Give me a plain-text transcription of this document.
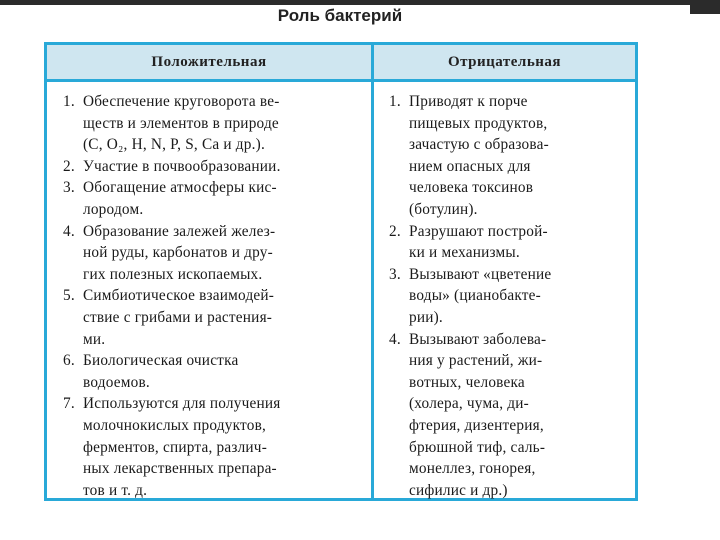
Роль бактерий
Положительная	Отрицательная
1. Обеспечение круговорота ве-
ществ и элементов в природе
(C, O₂, H, N, P, S, Ca и др.).
2. Участие в почвообразовании.
3. Обогащение атмосферы кис-
лородом.
4. Образование залежей желез-
ной руды, карбонатов и дру-
гих полезных ископаемых.
5. Симбиотическое взаимодей-
ствие с грибами и растения-
ми.
6. Биологическая очистка
водоемов.
7. Используются для получения
молочнокислых продуктов,
ферментов, спирта, различ-
ных лекарственных препара-
тов и т. д.
1. Приводят к порче
пищевых продуктов,
зачастую с образова-
нием опасных для
человека токсинов
(ботулин).
2. Разрушают построй-
ки и механизмы.
3. Вызывают «цветение
воды» (цианобакте-
рии).
4. Вызывают заболева-
ния у растений, жи-
вотных, человека
(холера, чума, ди-
фтерия, дизентерия,
брюшной тиф, саль-
монеллез, гонорея,
сифилис и др.)
